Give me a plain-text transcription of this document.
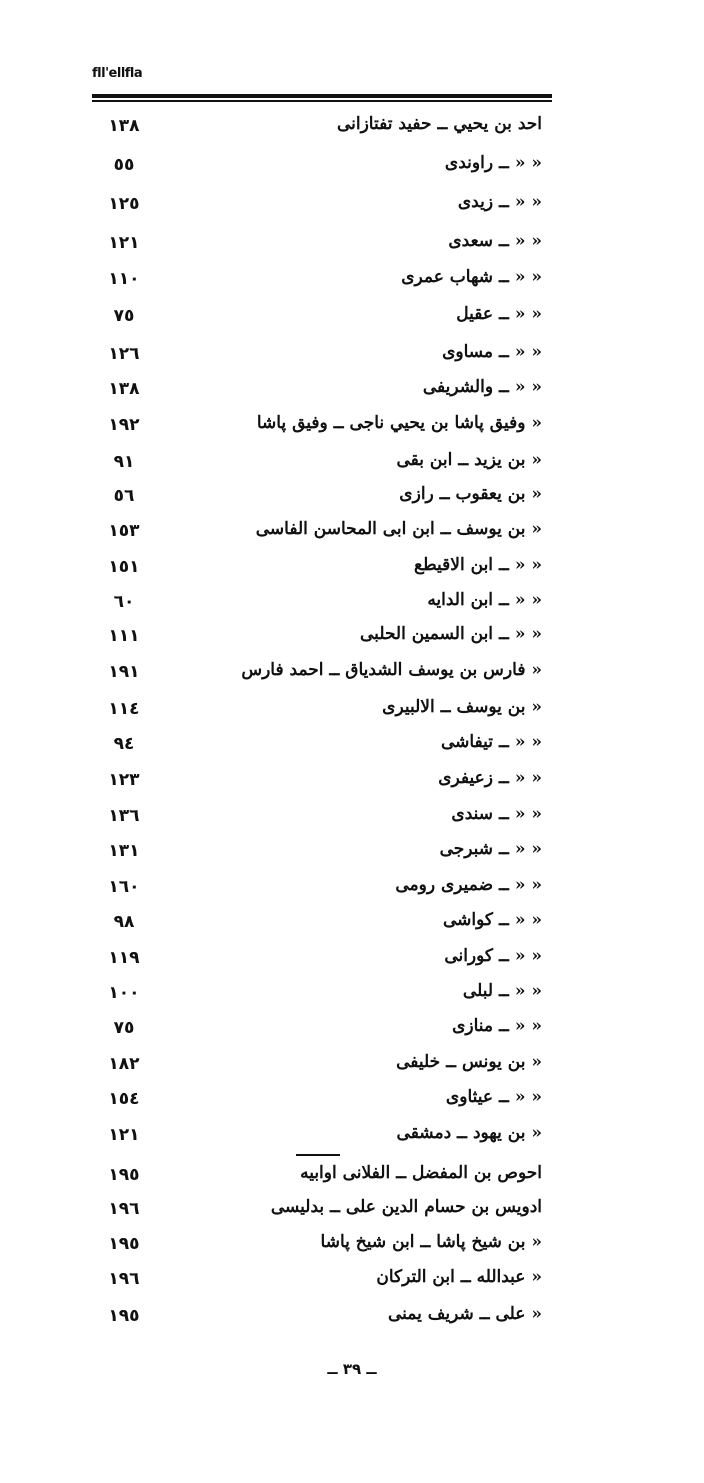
fll'ellfla
احد بن يحيي ــ حفيد تفتازانى
١٣٨
« « ــ راوندى
٥٥
« « ــ زيدى
١٢٥
« « ــ سعدى
١٢١
« « ــ شهاب عمرى
١١٠
« « ــ عقيل
٧٥
« « ــ مساوى
١٢٦
« « ــ والشريفى
١٣٨
« وفيق پاشا بن يحيي ناجى ــ وفيق پاشا
١٩٢
« بن يزيد ــ ابن بقى
٩١
« بن يعقوب ــ رازى
٥٦
« بن يوسف ــ ابن ابى المحاسن الفاسى
١٥٣
« « ــ ابن الاقيطع
١٥١
« « ــ ابن الدايه
٦٠
« « ــ ابن السمين الحلبى
١١١
« فارس بن يوسف الشدياق ــ احمد فارس
١٩١
« بن يوسف ــ الالبيرى
١١٤
« « ــ تيفاشى
٩٤
« « ــ زعيفرى
١٢٣
« « ــ سندى
١٣٦
« « ــ شبرجى
١٣١
« « ــ ضميرى رومى
١٦٠
« « ــ كواشى
٩٨
« « ــ كورانى
١١٩
« « ــ لبلى
١٠٠
« « ــ منازى
٧٥
« بن يونس ــ خليفى
١٨٢
« « ــ عيثاوى
١٥٤
« بن يهود ــ دمشقى
١٢١
احوص بن المفضل ــ الفلانى اوابيه
١٩٥
ادويس بن حسام الدين على ــ بدليسى
١٩٦
« بن شيخ پاشا ــ ابن شيخ پاشا
١٩٥
« عبدالله ــ ابن التركان
١٩٦
« على ــ شريف يمنى
١٩٥
ــ ٣٩ ــ
